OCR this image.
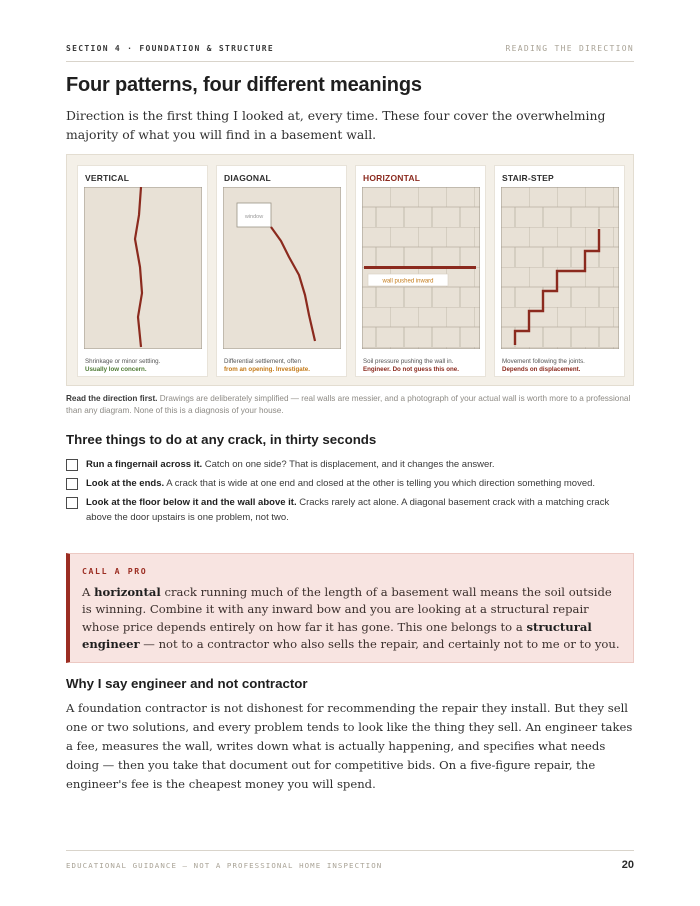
SECTION 4 · FOUNDATION & STRUCTURE	READING THE DIRECTION
Four patterns, four different meanings

Direction is the first thing I looked at, every time. These four cover the overwhelming majority of what you will find in a basement wall.

VERTICAL
Shrinkage or minor settling.
Usually low concern.
DIAGONAL
window
Differential settlement, often
from an opening. Investigate.
HORIZONTAL
wall pushed inward
Soil pressure pushing the wall in.
Engineer. Do not guess this one.
STAIR-STEP
Movement following the joints.
Depends on displacement.

Read the direction first. Drawings are deliberately simplified — real walls are messier, and a photograph of your actual wall is worth more to a professional than any diagram. None of this is a diagnosis of your house.

Three things to do at any crack, in thirty seconds
Run a fingernail across it. Catch on one side? That is displacement, and it changes the answer.
Look at the ends. A crack that is wide at one end and closed at the other is telling you which direction something moved.
Look at the floor below it and the wall above it. Cracks rarely act alone. A diagonal basement crack with a matching crack above the door upstairs is one problem, not two.
CALL A PRO

A horizontal crack running much of the length of a basement wall means the soil outside is winning. Combine it with any inward bow and you are looking at a structural repair whose price depends entirely on how far it has gone. This one belongs to a structural engineer — not to a contractor who also sells the repair, and certainly not to me or to you.

Why I say engineer and not contractor

A foundation contractor is not dishonest for recommending the repair they install. But they sell one or two solutions, and every problem tends to look like the thing they sell. An engineer takes a fee, measures the wall, writes down what is actually happening, and specifies what needs doing — then you take that document out for competitive bids. On a five-figure repair, the engineer's fee is the cheapest money you will spend.

EDUCATIONAL GUIDANCE — NOT A PROFESSIONAL HOME INSPECTION	20
